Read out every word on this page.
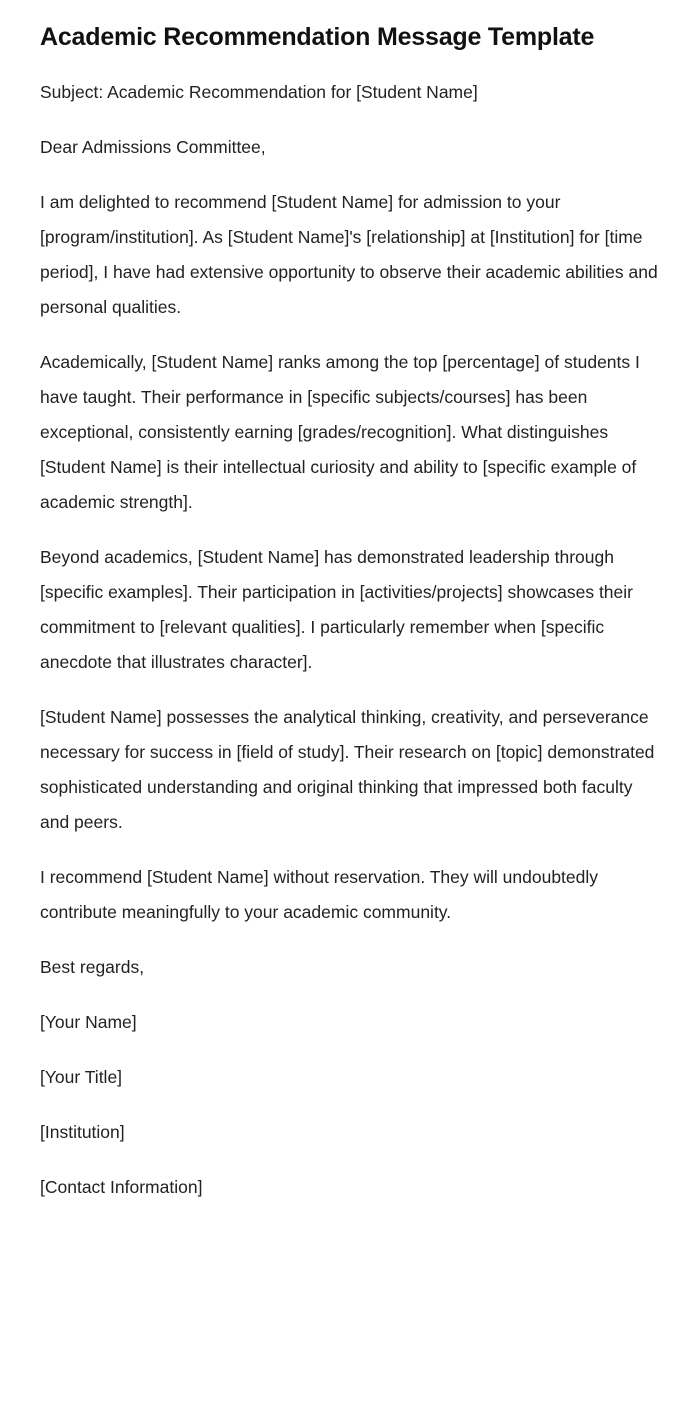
Academic Recommendation Message Template

Subject: Academic Recommendation for [Student Name]

Dear Admissions Committee,

I am delighted to recommend [Student Name] for admission to your [program/institution]. As [Student Name]'s [relationship] at [Institution] for [time period], I have had extensive opportunity to observe their academic abilities and personal qualities.

Academically, [Student Name] ranks among the top [percentage] of students I have taught. Their performance in [specific subjects/courses] has been exceptional, consistently earning [grades/recognition]. What distinguishes [Student Name] is their intellectual curiosity and ability to [specific example of academic strength].

Beyond academics, [Student Name] has demonstrated leadership through [specific examples]. Their participation in [activities/projects] showcases their commitment to [relevant qualities]. I particularly remember when [specific anecdote that illustrates character].

[Student Name] possesses the analytical thinking, creativity, and perseverance necessary for success in [field of study]. Their research on [topic] demonstrated sophisticated understanding and original thinking that impressed both faculty and peers.

I recommend [Student Name] without reservation. They will undoubtedly contribute meaningfully to your academic community.

Best regards,

[Your Name]

[Your Title]

[Institution]

[Contact Information]
